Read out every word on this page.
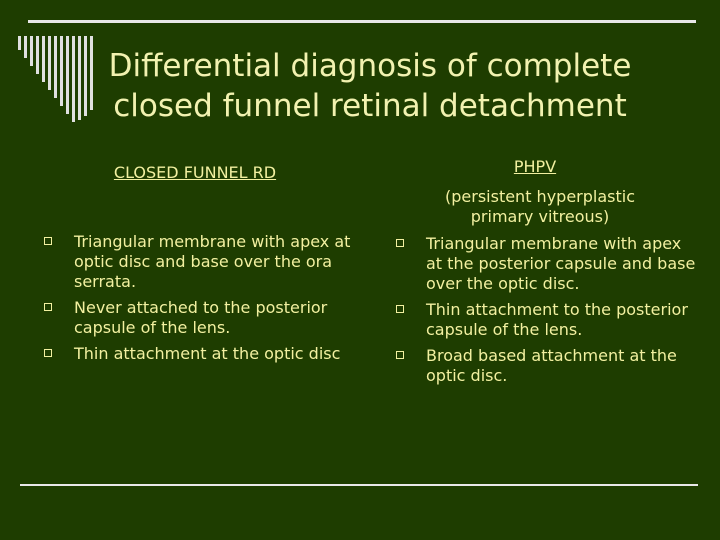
Differential diagnosis of complete closed funnel retinal detachment
CLOSED FUNNEL RD
Triangular membrane with apex at optic disc and base over the ora serrata.
Never attached to the posterior capsule of the lens.
Thin attachment at the optic disc
PHPV
(persistent hyperplastic primary vitreous)
Triangular membrane with apex at the posterior capsule and base over the optic disc.
Thin attachment to the posterior capsule of the lens.
Broad based attachment at the optic disc.
